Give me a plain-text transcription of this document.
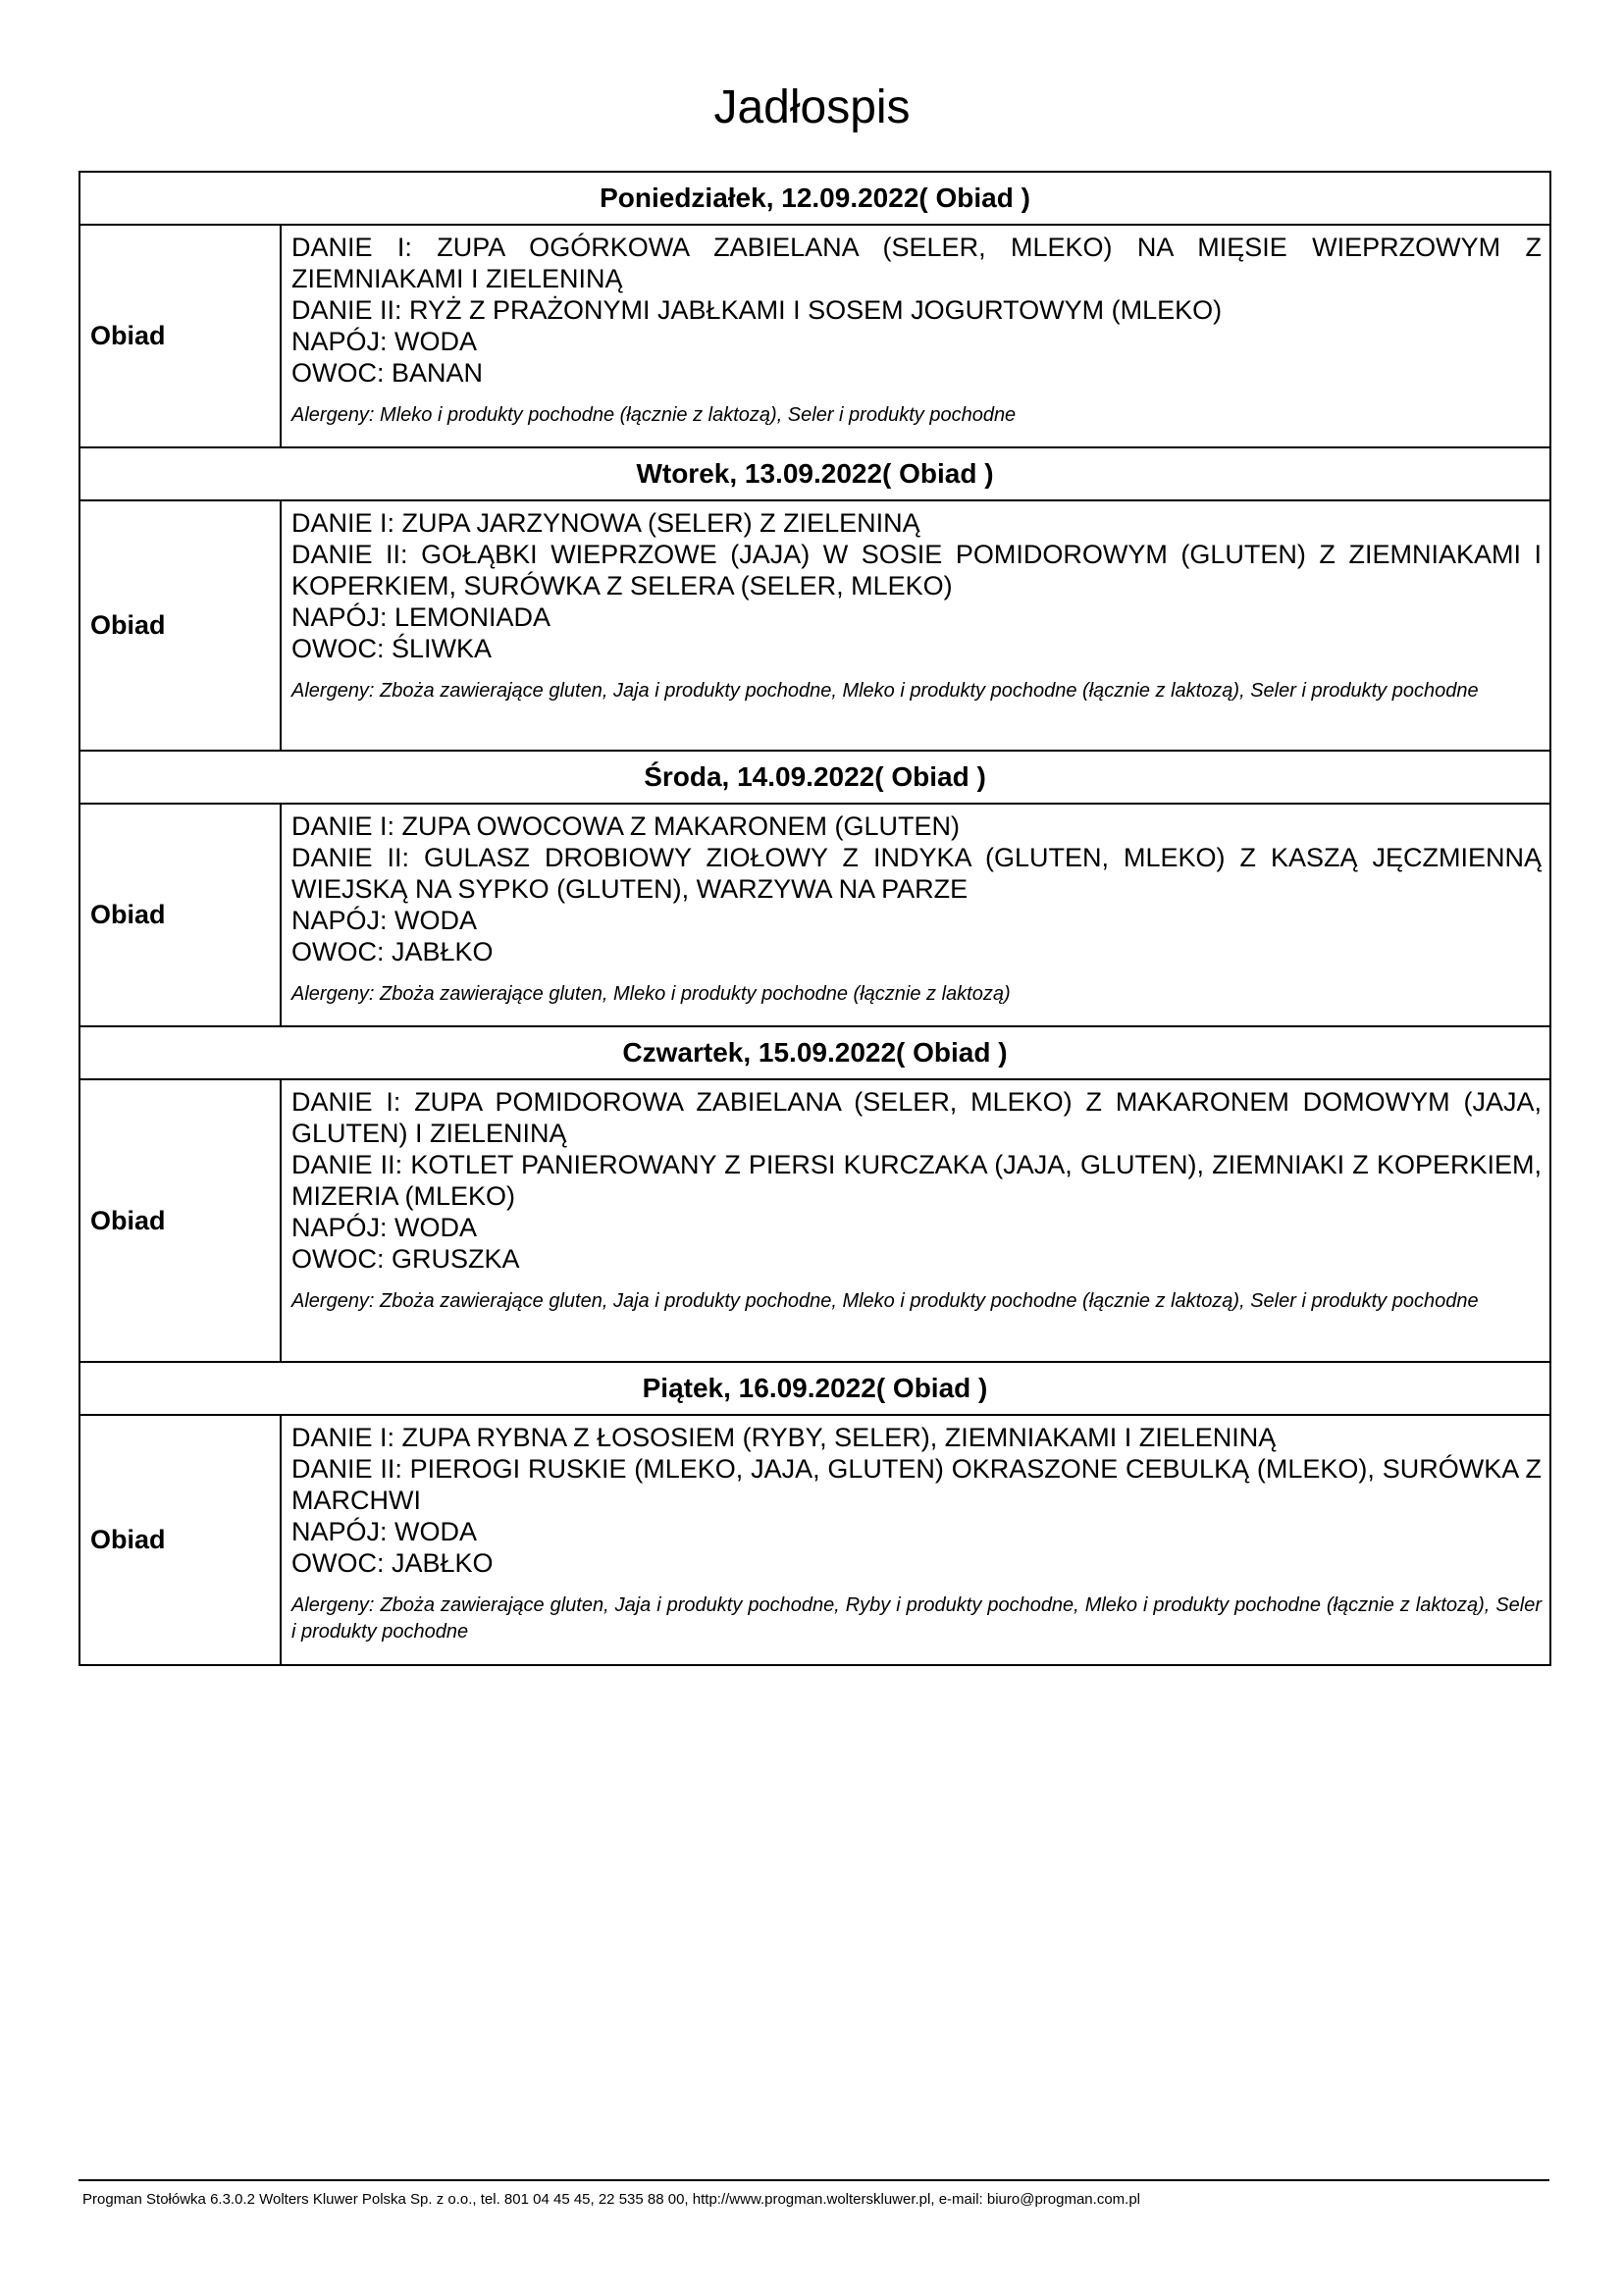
Jadłospis
Poniedziałek, 12.09.2022( Obiad )	
Obiad	DANIE I: ZUPA OGÓRKOWA ZABIELANA (SELER, MLEKO) NA MIĘSIE WIEPRZOWYM Z ZIEMNIAKAMI I ZIELENINĄ
DANIE II: RYŻ Z PRAŻONYMI JABŁKAMI I SOSEM JOGURTOWYM (MLEKO)
NAPÓJ: WODA
OWOC: BANAN
Alergeny: Mleko i produkty pochodne (łącznie z laktozą), Seler i produkty pochodne

Wtorek, 13.09.2022( Obiad )	
Obiad	DANIE I: ZUPA JARZYNOWA (SELER) Z ZIELENINĄ
DANIE II: GOŁĄBKI WIEPRZOWE (JAJA) W SOSIE POMIDOROWYM (GLUTEN) Z ZIEMNIAKAMI I KOPERKIEM, SURÓWKA Z SELERA (SELER, MLEKO)
NAPÓJ: LEMONIADA
OWOC: ŚLIWKA
Alergeny: Zboża zawierające gluten, Jaja i produkty pochodne, Mleko i produkty pochodne (łącznie z laktozą), Seler i produkty pochodne

Środa, 14.09.2022( Obiad )	
Obiad	DANIE I: ZUPA OWOCOWA Z MAKARONEM (GLUTEN)
DANIE II: GULASZ DROBIOWY ZIOŁOWY Z INDYKA (GLUTEN, MLEKO) Z KASZĄ JĘCZMIENNĄ WIEJSKĄ NA SYPKO (GLUTEN), WARZYWA NA PARZE
NAPÓJ: WODA
OWOC: JABŁKO
Alergeny: Zboża zawierające gluten, Mleko i produkty pochodne (łącznie z laktozą)

Czwartek, 15.09.2022( Obiad )	
Obiad	DANIE I: ZUPA POMIDOROWA ZABIELANA (SELER, MLEKO) Z MAKARONEM DOMOWYM (JAJA, GLUTEN) I ZIELENINĄ
DANIE II: KOTLET PANIEROWANY Z PIERSI KURCZAKA (JAJA, GLUTEN), ZIEMNIAKI Z KOPERKIEM, MIZERIA (MLEKO)
NAPÓJ: WODA
OWOC: GRUSZKA
Alergeny: Zboża zawierające gluten, Jaja i produkty pochodne, Mleko i produkty pochodne (łącznie z laktozą), Seler i produkty pochodne

Piątek, 16.09.2022( Obiad )	
Obiad	DANIE I: ZUPA RYBNA Z ŁOSOSIEM (RYBY, SELER), ZIEMNIAKAMI I ZIELENINĄ
DANIE II: PIEROGI RUSKIE (MLEKO, JAJA, GLUTEN) OKRASZONE CEBULKĄ (MLEKO), SURÓWKA Z MARCHWI
NAPÓJ: WODA
OWOC: JABŁKO
Alergeny: Zboża zawierające gluten, Jaja i produkty pochodne, Ryby i produkty pochodne, Mleko i produkty pochodne (łącznie z laktozą), Seler i produkty pochodne
Progman Stołówka 6.3.0.2 Wolters Kluwer Polska Sp. z o.o., tel. 801 04 45 45, 22 535 88 00, http://www.progman.wolterskluwer.pl, e-mail: biuro@progman.com.pl
